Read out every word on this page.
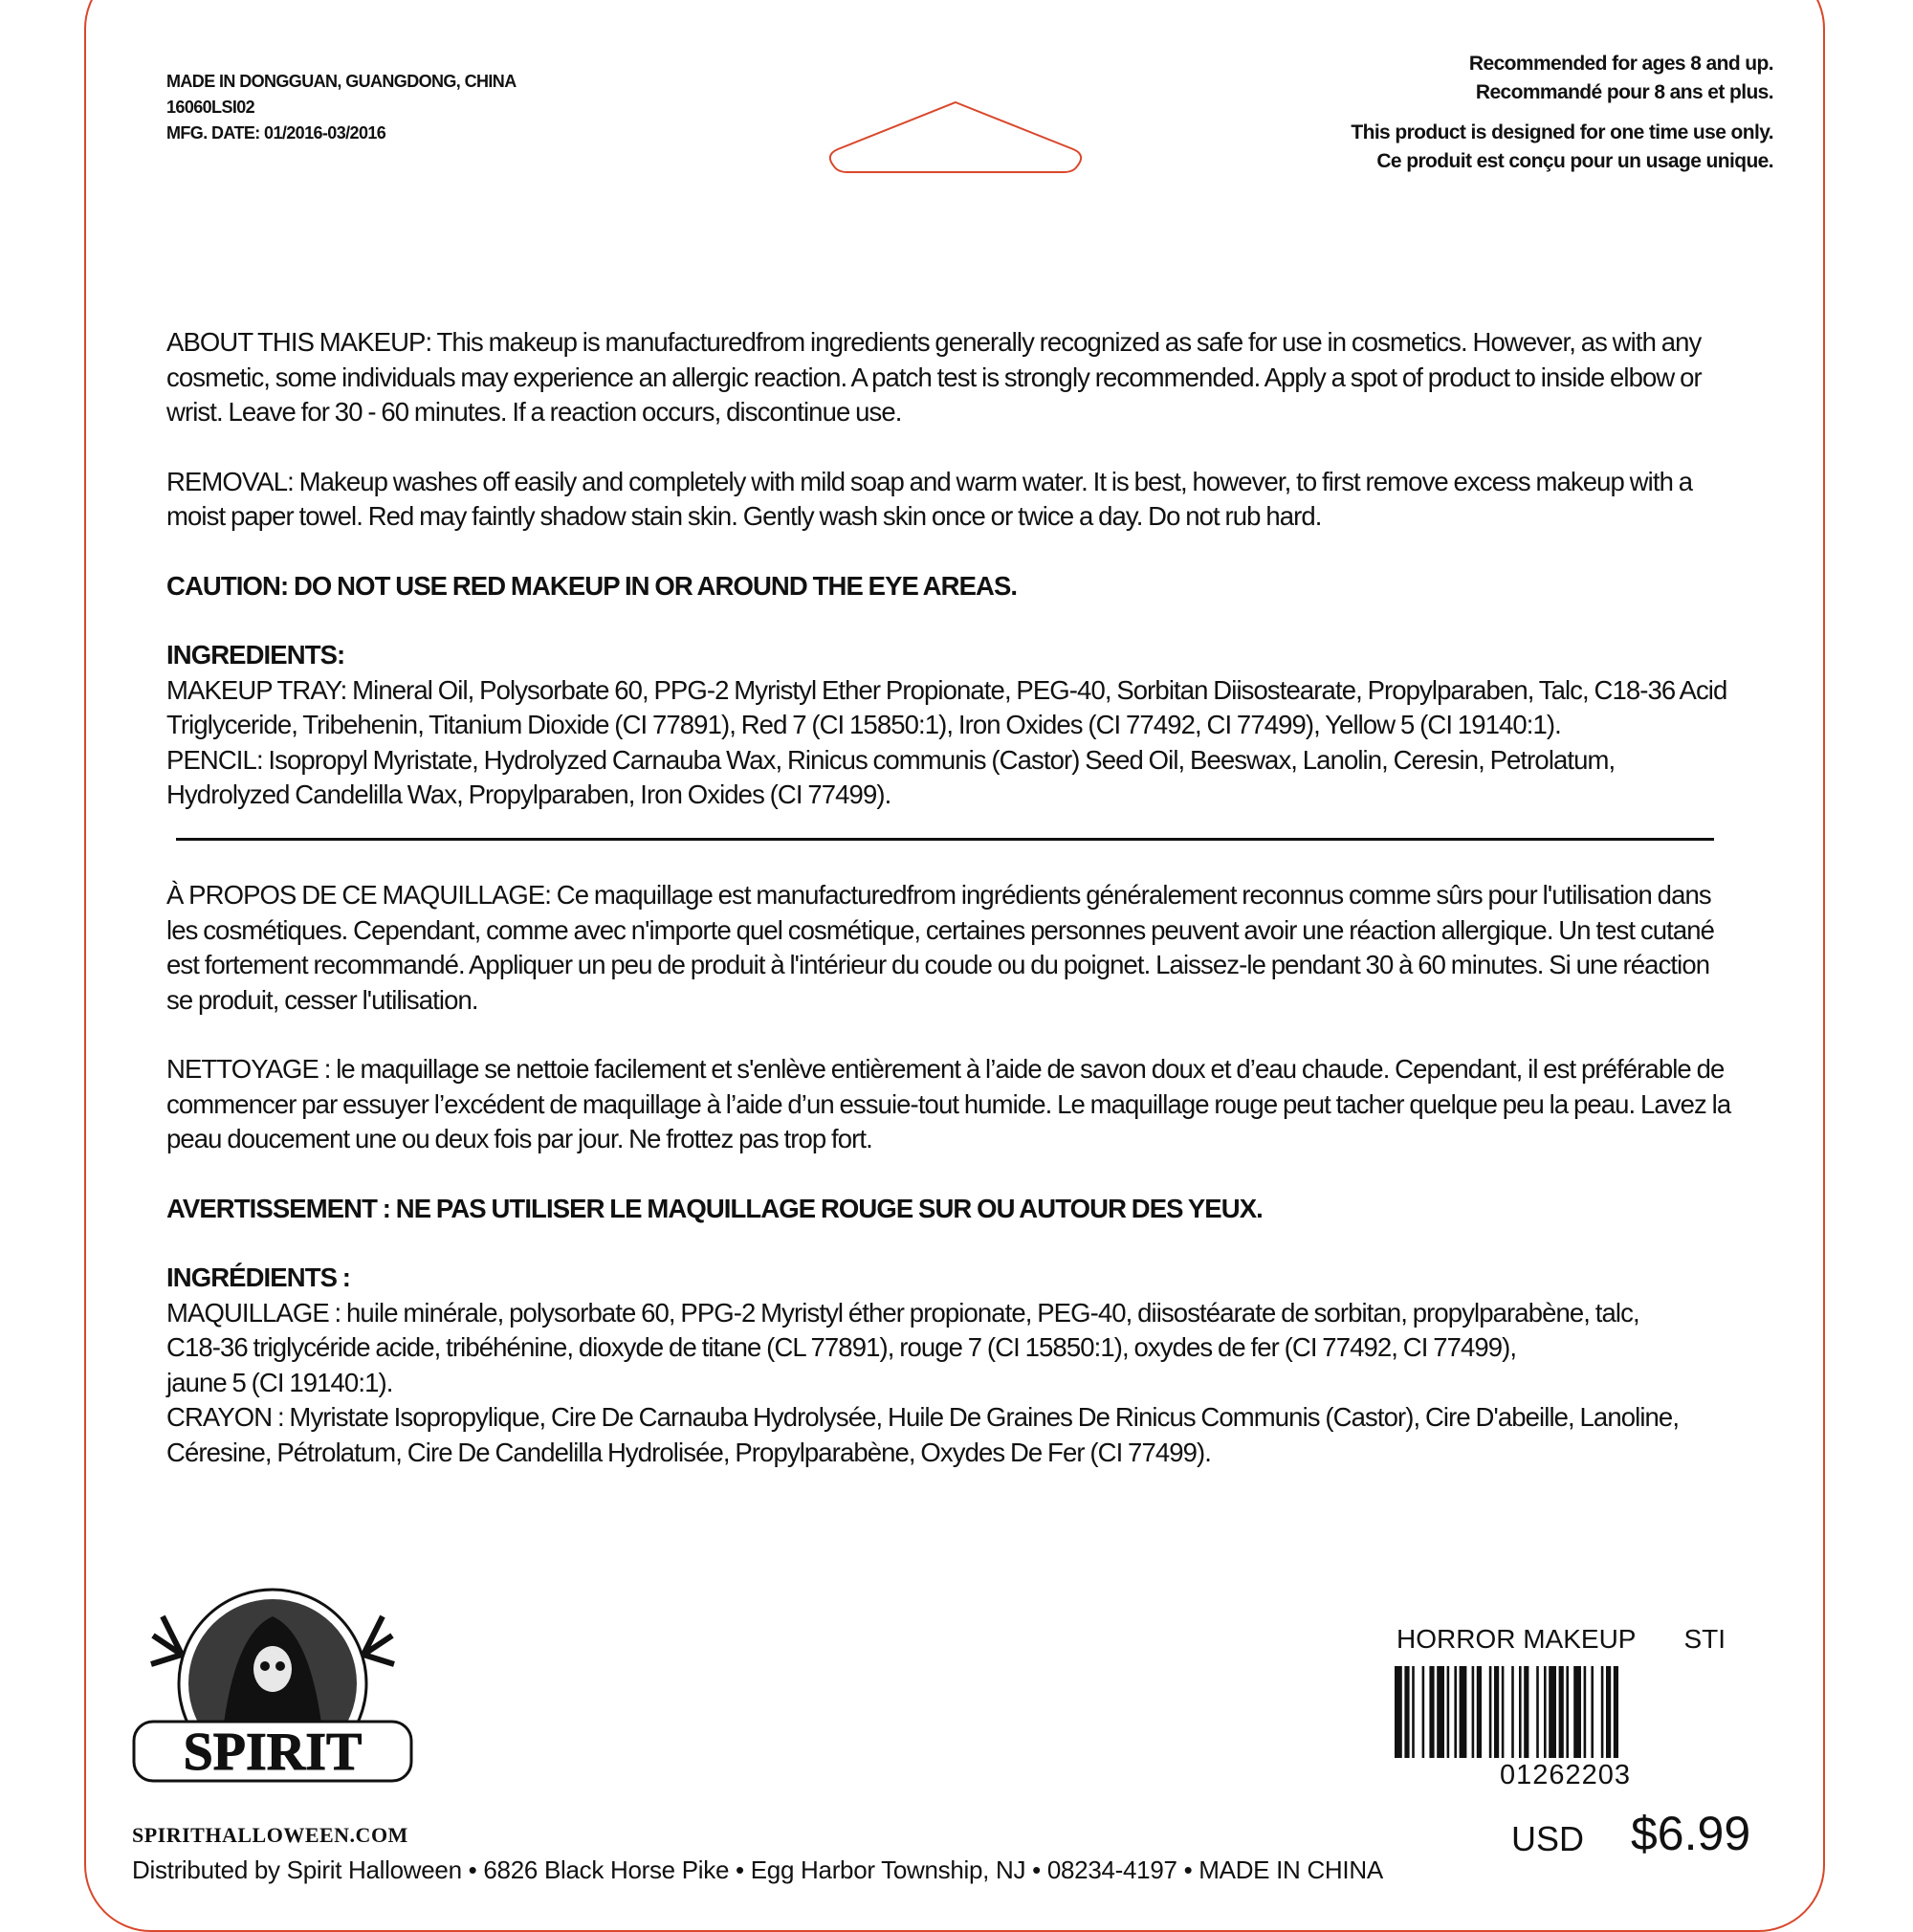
MADE IN DONGGUAN, GUANGDONG, CHINA
16060LSI02
MFG. DATE: 01/2016-03/2016
Recommended for ages 8 and up.
Recommandé pour 8 ans et plus.
This product is designed for one time use only.
Ce produit est conçu pour un usage unique.

ABOUT THIS MAKEUP: This makeup is manufacturedfrom ingredients generally recognized as safe for use in cosmetics. However, as with any cosmetic, some individuals may experience an allergic reaction. A patch test is strongly recommended. Apply a spot of product to inside elbow or wrist. Leave for 30 - 60 minutes. If a reaction occurs, discontinue use.

REMOVAL: Makeup washes off easily and completely with mild soap and warm water. It is best, however, to first remove excess makeup with a moist paper towel. Red may faintly shadow stain skin. Gently wash skin once or twice a day. Do not rub hard.

CAUTION: DO NOT USE RED MAKEUP IN OR AROUND THE EYE AREAS.

INGREDIENTS:

MAKEUP TRAY: Mineral Oil, Polysorbate 60, PPG-2 Myristyl Ether Propionate, PEG-40, Sorbitan Diisostearate, Propylparaben, Talc, C18-36 Acid Triglyceride, Tribehenin, Titanium Dioxide (CI 77891), Red 7 (CI 15850:1), Iron Oxides (CI 77492, CI 77499), Yellow 5 (CI 19140:1).

PENCIL: Isopropyl Myristate, Hydrolyzed Carnauba Wax, Rinicus communis (Castor) Seed Oil, Beeswax, Lanolin, Ceresin, Petrolatum, Hydrolyzed Candelilla Wax, Propylparaben, Iron Oxides (CI 77499).

À PROPOS DE CE MAQUILLAGE: Ce maquillage est manufacturedfrom ingrédients généralement reconnus comme sûrs pour l'utilisation dans les cosmétiques. Cependant, comme avec n'importe quel cosmétique, certaines personnes peuvent avoir une réaction allergique. Un test cutané est fortement recommandé. Appliquer un peu de produit à l'intérieur du coude ou du poignet. Laissez-le pendant 30 à 60 minutes. Si une réaction se produit, cesser l'utilisation.

NETTOYAGE : le maquillage se nettoie facilement et s'enlève entièrement à l’aide de savon doux et d’eau chaude. Cependant, il est préférable de commencer par essuyer l’excédent de maquillage à l’aide d’un essuie-tout humide. Le maquillage rouge peut tacher quelque peu la peau. Lavez la peau doucement une ou deux fois par jour. Ne frottez pas trop fort.

AVERTISSEMENT : NE PAS UTILISER LE MAQUILLAGE ROUGE SUR OU AUTOUR DES YEUX.

INGRÉDIENTS :

MAQUILLAGE : huile minérale, polysorbate 60, PPG-2 Myristyl éther propionate, PEG-40, diisostéarate de sorbitan, propylparabène, talc,

C18-36 triglycéride acide, tribéhénine, dioxyde de titane (CL 77891), rouge 7 (CI 15850:1), oxydes de fer (CI 77492, CI 77499),

jaune 5 (CI 19140:1).

CRAYON : Myristate Isopropylique, Cire De Carnauba Hydrolysée, Huile De Graines De Rinicus Communis (Castor), Cire D'abeille, Lanoline, Céresine, Pétrolatum, Cire De Candelilla Hydrolisée, Propylparabène, Oxydes De Fer (CI 77499).

SPIRIT
SPIRITHALLOWEEN.COM
Distributed by Spirit Halloween • 6826 Black Horse Pike • Egg Harbor Township, NJ • 08234-4197 • MADE IN CHINA
HORROR MAKEUP STI
01262203
USD $6.99
